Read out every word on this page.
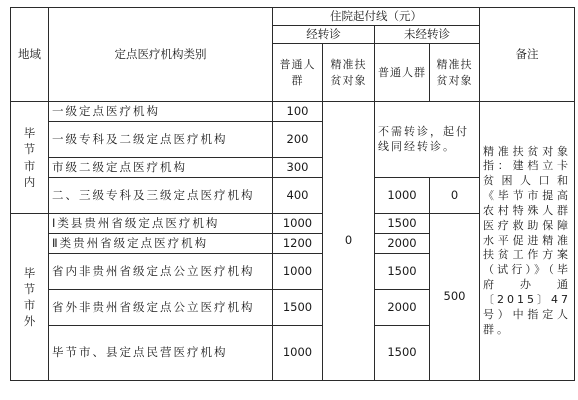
地域	定点医疗机构类别	住院起付线（元）				备注
		经转诊		未经转诊		
		普通人群	精准扶贫对象	普通人群	精准扶贫对象	

毕节市内	一级定点医疗机构	100	0	不需转诊，起付线同经转诊。		精准扶贫对象指：建档立卡贫困人口和《毕节市提高农村特殊人群医疗救助保障水平促进精准扶贫工作方案（试行）》（毕府办通〔2015〕47号）中指定人群。
	一级专科及二级定点医疗机构	200				
	市级二级定点医疗机构	300				
	二、三级专科及三级定点医疗机构	400		1000	0	

毕节市外	Ⅰ类县贵州省级定点医疗机构	1000		1500	500	
	Ⅱ类贵州省级定点医疗机构	1200		2000		
	省内非贵州省级定点公立医疗机构	1000		1500		
	省外非贵州省级定点公立医疗机构	1500		2000		
	毕节市、县定点民营医疗机构	1000		1500		
